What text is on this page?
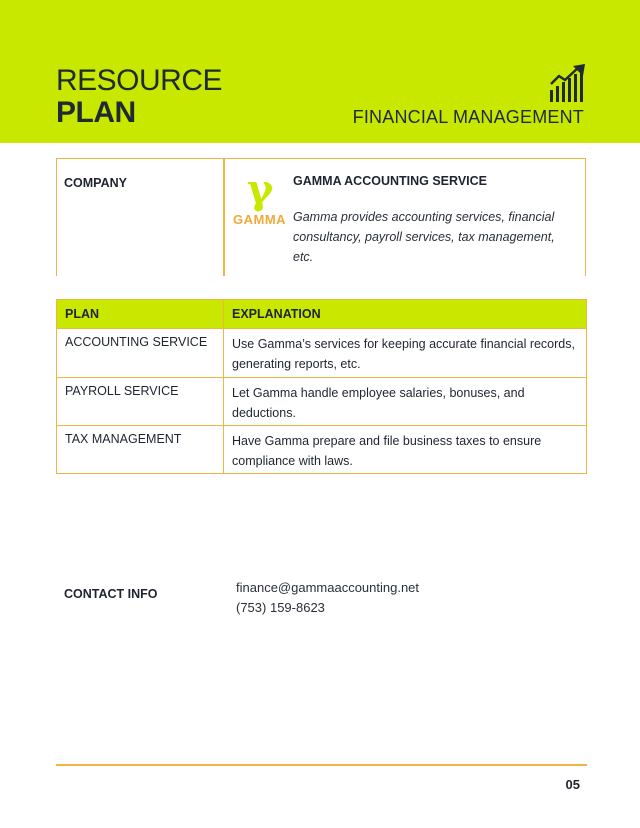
RESOURCE
PLAN	FINANCIAL MANAGEMENT
COMPANY	γ
GAMMA
GAMMA ACCOUNTING SERVICE
Gamma provides accounting services, financial consultancy, payroll services, tax management, etc.
PLAN	EXPLANATION
ACCOUNTING SERVICE	Use Gamma’s services for keeping accurate financial records, generating reports, etc.
PAYROLL SERVICE	Let Gamma handle employee salaries, bonuses, and deductions.
TAX MANAGEMENT	Have Gamma prepare and file business taxes to ensure compliance with laws.
CONTACT INFO	finance@gammaaccounting.net
(753) 159-8623
05
